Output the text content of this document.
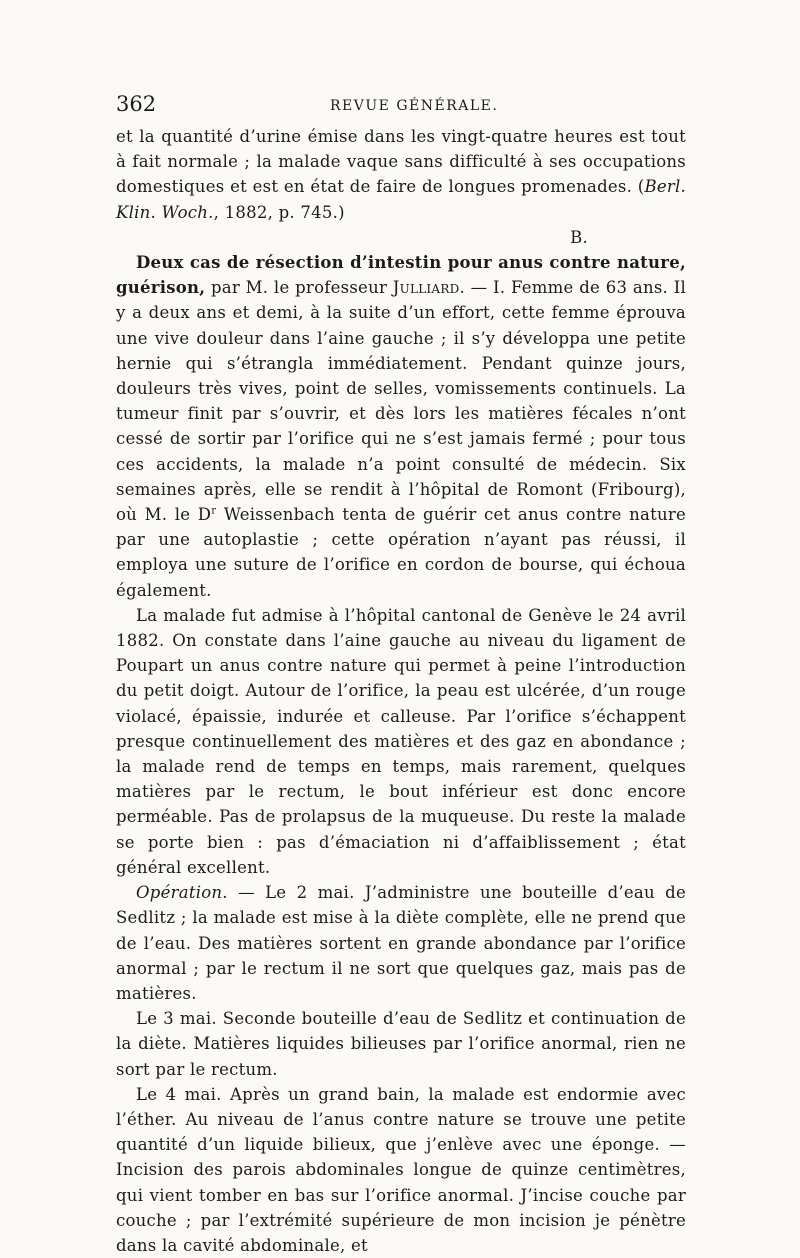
362	REVUE GÉNÉRALE.

et la quantité d’urine émise dans les vingt-quatre heures est tout à fait normale ; la malade vaque sans difficulté à ses occupations domestiques et est en état de faire de longues promenades. (Berl. Klin. Woch., 1882, p. 745.)

B.

Deux cas de résection d’intestin pour anus contre nature, guérison, par M. le professeur Julliard. — I. Femme de 63 ans. Il y a deux ans et demi, à la suite d’un effort, cette femme éprouva une vive douleur dans l’aine gauche ; il s’y développa une petite hernie qui s’étrangla immédiatement. Pendant quinze jours, douleurs très vives, point de selles, vomissements continuels. La tumeur finit par s’ouvrir, et dès lors les matières fécales n’ont cessé de sortir par l’orifice qui ne s’est jamais fermé ; pour tous ces accidents, la malade n’a point consulté de médecin. Six semaines après, elle se rendit à l’hôpital de Romont (Fribourg), où M. le $D^r$ Weissenbach tenta de guérir cet anus contre nature par une autoplastie ; cette opération n’ayant pas réussi, il employa une suture de l’orifice en cordon de bourse, qui échoua également.

La malade fut admise à l’hôpital cantonal de Genève le 24 avril 1882. On constate dans l’aine gauche au niveau du ligament de Poupart un anus contre nature qui permet à peine l’introduction du petit doigt. Autour de l’orifice, la peau est ulcérée, d’un rouge violacé, épaissie, indurée et calleuse. Par l’orifice s’échappent presque continuellement des matières et des gaz en abondance ; la malade rend de temps en temps, mais rarement, quelques matières par le rectum, le bout inférieur est donc encore perméable. Pas de prolapsus de la muqueuse. Du reste la malade se porte bien : pas d’émaciation ni d’affaiblissement ; état général excellent.

Opération. — Le 2 mai. J’administre une bouteille d’eau de Sedlitz ; la malade est mise à la diète complète, elle ne prend que de l’eau. Des matières sortent en grande abondance par l’orifice anormal ; par le rectum il ne sort que quelques gaz, mais pas de matières.

Le 3 mai. Seconde bouteille d’eau de Sedlitz et continuation de la diète. Matières liquides bilieuses par l’orifice anormal, rien ne sort par le rectum.

Le 4 mai. Après un grand bain, la malade est endormie avec l’éther. Au niveau de l’anus contre nature se trouve une petite quantité d’un liquide bilieux, que j’enlève avec une éponge. — Incision des parois abdominales longue de quinze centimètres, qui vient tomber en bas sur l’orifice anormal. J’incise couche par couche ; par l’extrémité supérieure de mon incision je pénètre dans la cavité abdominale, et
